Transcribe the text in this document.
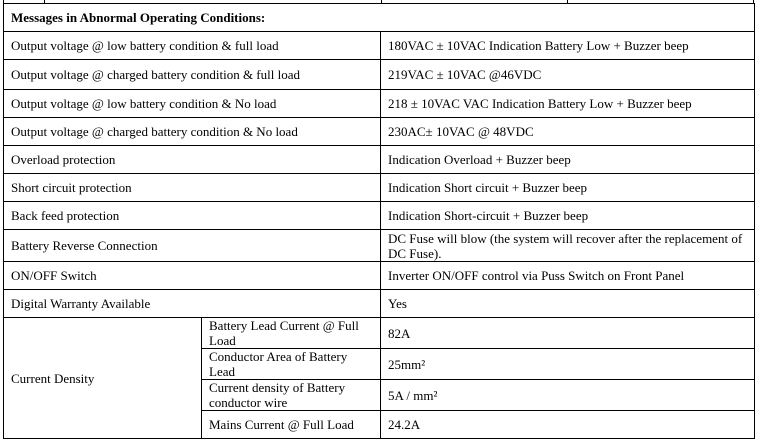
Messages in Abnormal Operating Conditions:		
Output voltage @ low battery condition & full load		180VAC ± 10VAC Indication Battery Low + Buzzer beep
Output voltage @ charged battery condition & full load		219VAC ± 10VAC @46VDC
Output voltage @ low battery condition & No load		218 ± 10VAC VAC Indication Battery Low + Buzzer beep
Output voltage @ charged battery condition & No load		230AC± 10VAC @ 48VDC
Overload protection		Indication Overload + Buzzer beep
Short circuit protection		Indication Short circuit + Buzzer beep
Back feed protection		Indication Short-circuit + Buzzer beep
Battery Reverse Connection		DC Fuse will blow (the system will recover after the replacement of DC Fuse).
ON/OFF Switch		Inverter ON/OFF control via Puss Switch on Front Panel
Digital Warranty Available		Yes
Current Density	Battery Lead Current @ Full Load	82A
	Conductor Area of Battery Lead	25mm²
	Current density of Battery conductor wire	5A / mm²
	Mains Current @ Full Load	24.2A
